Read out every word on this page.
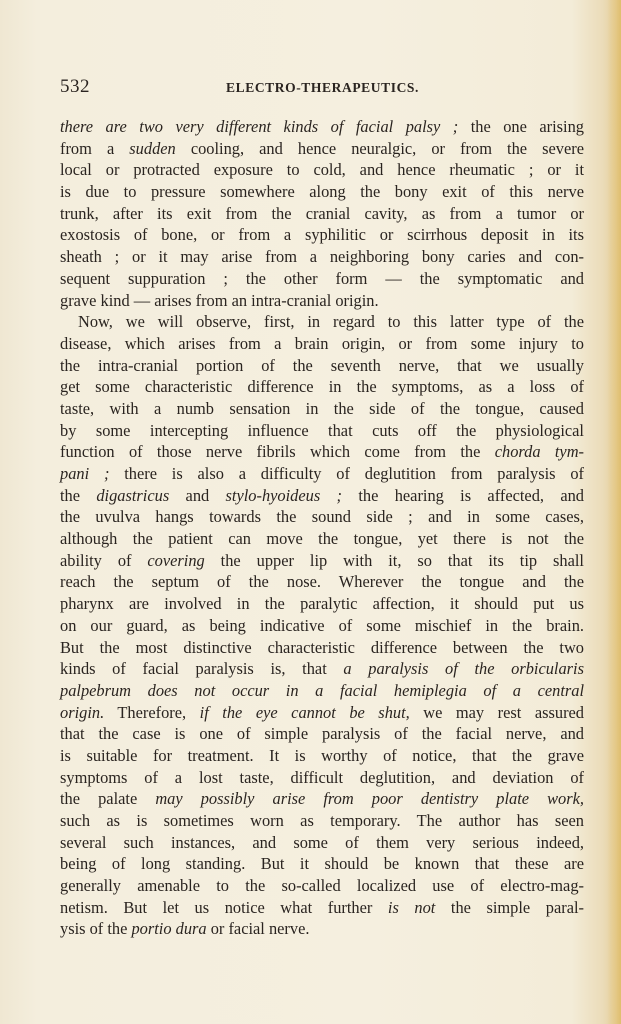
532	ELECTRO-THERAPEUTICS.
there are two very different kinds of facial palsy ; the one arising
from a sudden cooling, and hence neuralgic, or from the severe
local or protracted exposure to cold, and hence rheumatic ; or it
is due to pressure somewhere along the bony exit of this nerve
trunk, after its exit from the cranial cavity, as from a tumor or
exostosis of bone, or from a syphilitic or scirrhous deposit in its
sheath ; or it may arise from a neighboring bony caries and con-
sequent suppuration ; the other form — the symptomatic and
grave kind — arises from an intra-cranial origin.
Now, we will observe, first, in regard to this latter type of the
disease, which arises from a brain origin, or from some injury to
the intra-cranial portion of the seventh nerve, that we usually
get some characteristic difference in the symptoms, as a loss of
taste, with a numb sensation in the side of the tongue, caused
by some intercepting influence that cuts off the physiological
function of those nerve fibrils which come from the chorda tym-
pani ; there is also a difficulty of deglutition from paralysis of
the digastricus and stylo-hyoideus ; the hearing is affected, and
the uvulva hangs towards the sound side ; and in some cases,
although the patient can move the tongue, yet there is not the
ability of covering the upper lip with it, so that its tip shall
reach the septum of the nose. Wherever the tongue and the
pharynx are involved in the paralytic affection, it should put us
on our guard, as being indicative of some mischief in the brain.
But the most distinctive characteristic difference between the two
kinds of facial paralysis is, that a paralysis of the orbicularis
palpebrum does not occur in a facial hemiplegia of a central
origin. Therefore, if the eye cannot be shut, we may rest assured
that the case is one of simple paralysis of the facial nerve, and
is suitable for treatment. It is worthy of notice, that the grave
symptoms of a lost taste, difficult deglutition, and deviation of
the palate may possibly arise from poor dentistry plate work,
such as is sometimes worn as temporary. The author has seen
several such instances, and some of them very serious indeed,
being of long standing. But it should be known that these are
generally amenable to the so-called localized use of electro-mag-
netism. But let us notice what further is not the simple paral-
ysis of the portio dura or facial nerve.
